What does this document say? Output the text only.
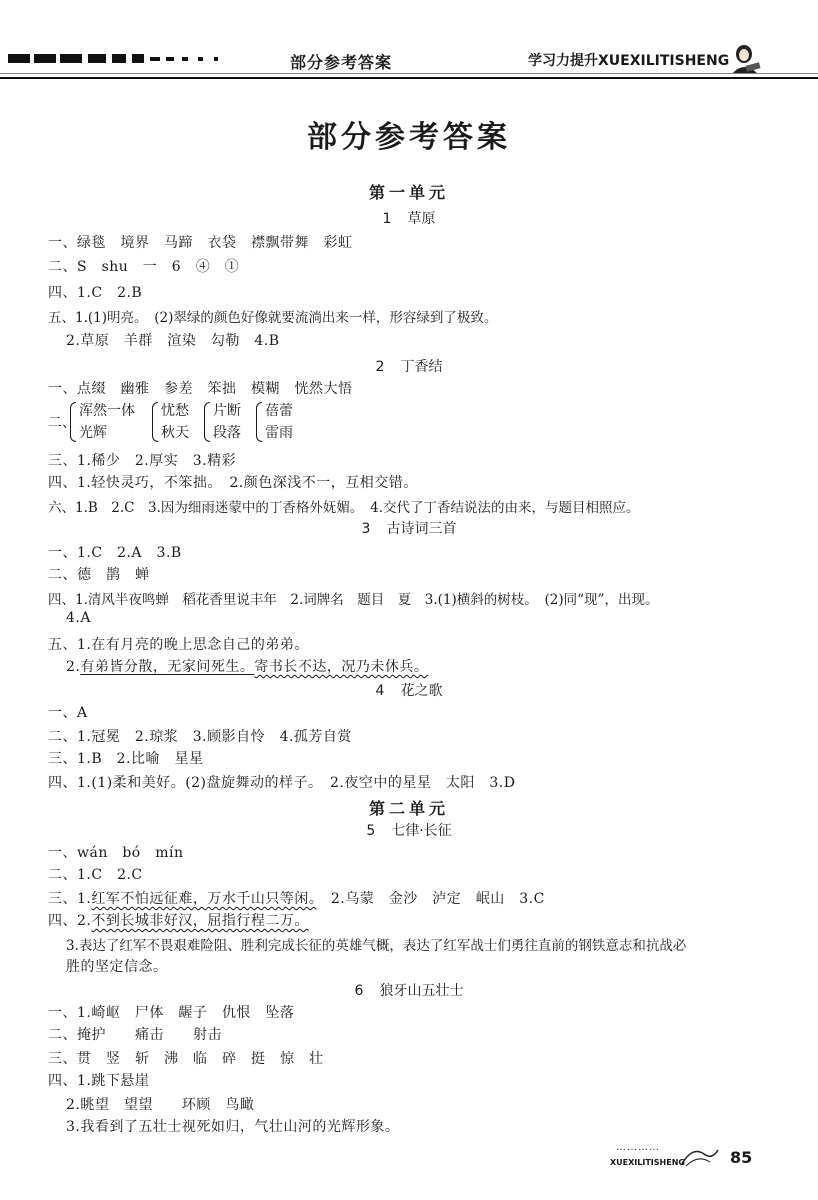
部分参考答案	学习力提升XUEXILITISHENG
部分参考答案
第一单元
1 草原
一、绿毯　境界　马蹄　衣袋　襟飘带舞　彩虹
二、S　shu　一　6　④　①
四、1.C　2.B
五、1.(1)明亮。　(2)翠绿的颜色好像就要流淌出来一样，形容绿到了极致。
2.草原　羊群　渲染　勾勒　4.B
2 丁香结
一、点缀　幽雅　参差　笨拙　模糊　恍然大悟
二、
浑然一体
光辉
忧愁
秋天
片断
段落
蓓蕾
雷雨
三、1.稀少　2.厚实　3.精彩
四、1.轻快灵巧，不笨拙。　2.颜色深浅不一，互相交错。
六、1.B　2.C　3.因为细雨迷蒙中的丁香格外妩媚。　4.交代了丁香结说法的由来，与题目相照应。
3 古诗词三首
一、1.C　2.A　3.B
二、德　鹊　蝉
四、1.清风半夜鸣蝉　稻花香里说丰年　2.词牌名　题目　夏　3.(1)横斜的树枝。　(2)同“现”，出现。
4.A
五、1.在有月亮的晚上思念自己的弟弟。
2.有弟皆分散，无家问死生。寄书长不达，况乃未休兵。
4 花之歌
一、A
二、1.冠冕　2.琼浆　3.顾影自怜　4.孤芳自赏
三、1.B　2.比喻　星星
四、1.(1)柔和美好。(2)盘旋舞动的样子。　2.夜空中的星星　太阳　3.D
第二单元
5 七律·长征
一、wán　bó　mín
二、1.C　2.C
三、1.红军不怕远征难，万水千山只等闲。　 2.乌蒙　金沙　泸定　岷山　3.C
四、2.不到长城非好汉，屈指行程二万。
3.表达了红军不畏艰难险阻、胜利完成长征的英雄气概，表达了红军战士们勇往直前的钢铁意志和抗战必
胜的坚定信念。
6 狼牙山五壮士
一、1.崎岖　尸体　龌子　仇恨　坠落
二、掩护　　痛击　　射击
三、贯　竖　斩　沸　临　碎　挺　惊　壮
四、1.跳下悬崖
2.眺望　望望　　环顾　鸟瞰
3.我看到了五壮士视死如归，气壮山河的光辉形象。
…………
XUEXILITISHENG	85
